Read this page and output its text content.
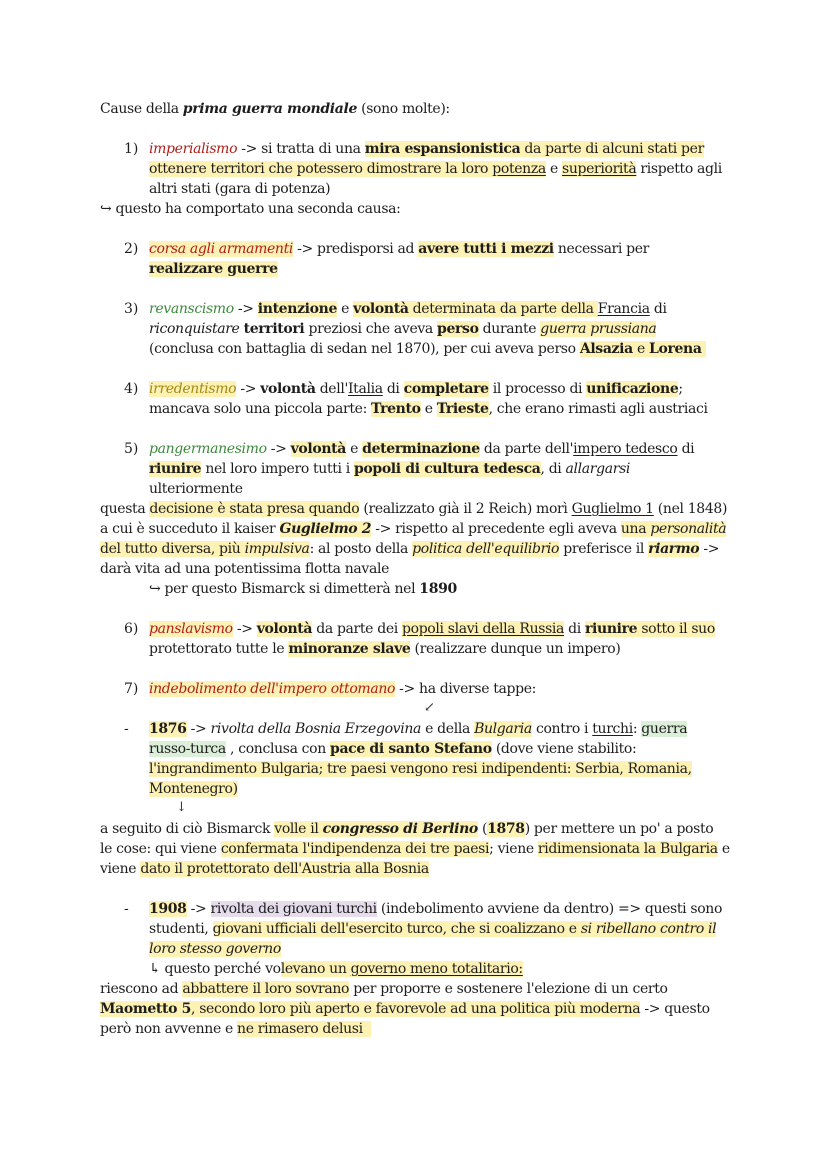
Cause della prima guerra mondiale (sono molte):
1) imperialismo -> si tratta di una mira espansionistica da parte di alcuni stati per
ottenere territori che potessero dimostrare la loro potenza e superiorità rispetto agli
altri stati (gara di potenza)
↪ questo ha comportato una seconda causa:
2) corsa agli armamenti -> predisporsi ad avere tutti i mezzi necessari per
realizzare guerre
3) revanscismo -> intenzione e volontà determinata da parte della Francia di
riconquistare territori preziosi che aveva perso durante guerra prussiana
(conclusa con battaglia di sedan nel 1870), per cui aveva perso Alsazia e Lorena
4) irredentismo -> volontà dell'Italia di completare il processo di unificazione;
mancava solo una piccola parte: Trento e Trieste, che erano rimasti agli austriaci
5) pangermanesimo -> volontà e determinazione da parte dell'impero tedesco di
riunire nel loro impero tutti i popoli di cultura tedesca, di allargarsi
ulteriormente
questa decisione è stata presa quando (realizzato già il 2 Reich) morì Guglielmo 1 (nel 1848)
a cui è succeduto il kaiser Guglielmo 2 -> rispetto al precedente egli aveva una personalità
del tutto diversa, più impulsiva: al posto della politica dell'equilibrio preferisce il riarmo ->
darà vita ad una potentissima flotta navale
↪ per questo Bismarck si dimetterà nel 1890
6) panslavismo -> volontà da parte dei popoli slavi della Russia di riunire sotto il suo
protettorato tutte le minoranze slave (realizzare dunque un impero)
7) indebolimento dell'impero ottomano -> ha diverse tappe:
↙
- 1876 -> rivolta della Bosnia Erzegovina e della Bulgaria contro i turchi: guerra
russo-turca , conclusa con pace di santo Stefano (dove viene stabilito:
l'ingrandimento Bulgaria; tre paesi vengono resi indipendenti: Serbia, Romania,
Montenegro)
↓
a seguito di ciò Bismarck volle il congresso di Berlino (1878) per mettere un po' a posto
le cose: qui viene confermata l'indipendenza dei tre paesi; viene ridimensionata la Bulgaria e
viene dato il protettorato dell'Austria alla Bosnia
- 1908 -> rivolta dei giovani turchi (indebolimento avviene da dentro) => questi sono
studenti, giovani ufficiali dell'esercito turco, che si coalizzano e si ribellano contro il
loro stesso governo
↳ questo perché volevano un governo meno totalitario:
riescono ad abbattere il loro sovrano per proporre e sostenere l'elezione di un certo
Maometto 5, secondo loro più aperto e favorevole ad una politica più moderna -> questo
però non avvenne e ne rimasero delusi
